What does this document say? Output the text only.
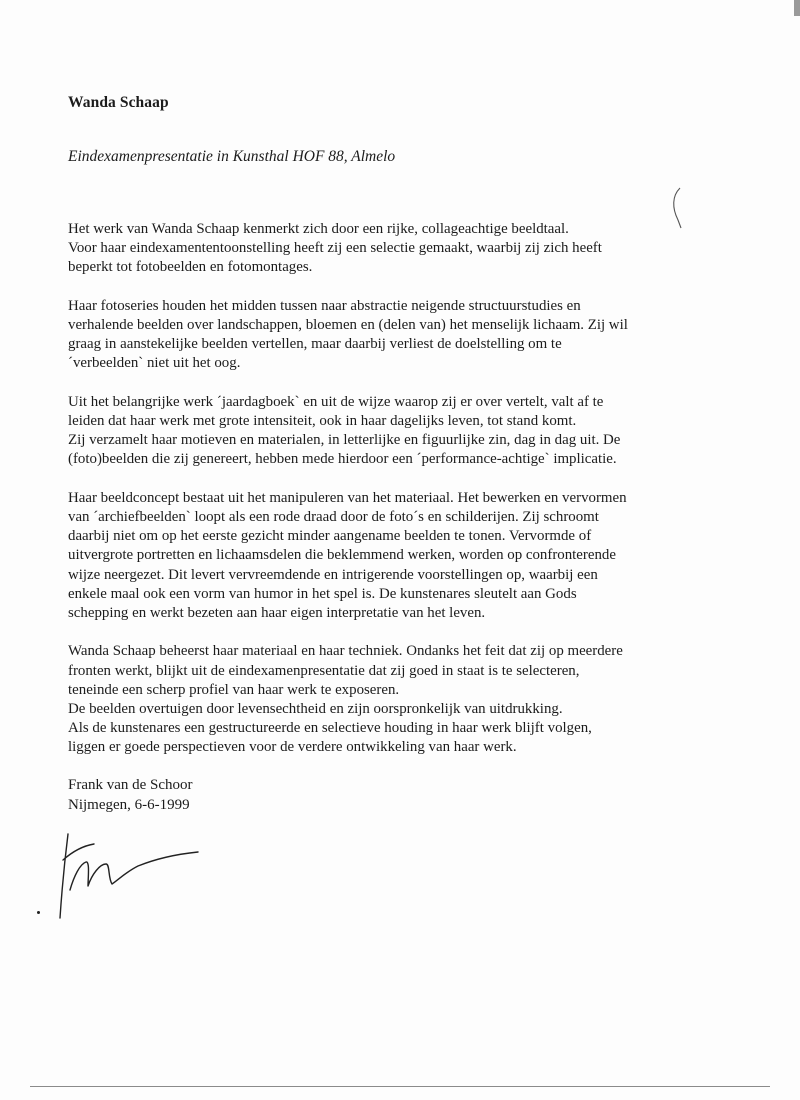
Wanda Schaap
Eindexamenpresentatie in Kunsthal HOF 88, Almelo
Het werk van Wanda Schaap kenmerkt zich door een rijke, collageachtige beeldtaal.
Voor haar eindexamententoonstelling heeft zij een selectie gemaakt, waarbij zij zich heeft
beperkt tot fotobeelden en fotomontages.
Haar fotoseries houden het midden tussen naar abstractie neigende structuurstudies en
verhalende beelden over landschappen, bloemen en (delen van) het menselijk lichaam. Zij wil
graag in aanstekelijke beelden vertellen, maar daarbij verliest de doelstelling om te
´verbeelden` niet uit het oog.
Uit het belangrijke werk ´jaardagboek` en uit de wijze waarop zij er over vertelt, valt af te
leiden dat haar werk met grote intensiteit, ook in haar dagelijks leven, tot stand komt.
Zij verzamelt haar motieven en materialen, in letterlijke en figuurlijke zin, dag in dag uit. De
(foto)beelden die zij genereert, hebben mede hierdoor een ´performance-achtige` implicatie.
Haar beeldconcept bestaat uit het manipuleren van het materiaal. Het bewerken en vervormen
van ´archiefbeelden` loopt als een rode draad door de foto´s en schilderijen. Zij schroomt
daarbij niet om op het eerste gezicht minder aangename beelden te tonen. Vervormde of
uitvergrote portretten en lichaamsdelen die beklemmend werken, worden op confronterende
wijze neergezet. Dit levert vervreemdende en intrigerende voorstellingen op, waarbij een
enkele maal ook een vorm van humor in het spel is. De kunstenares sleutelt aan Gods
schepping en werkt bezeten aan haar eigen interpretatie van het leven.
Wanda Schaap beheerst haar materiaal en haar techniek. Ondanks het feit dat zij op meerdere
fronten werkt, blijkt uit de eindexamenpresentatie dat zij goed in staat is te selecteren,
teneinde een scherp profiel van haar werk te exposeren.
De beelden overtuigen door levensechtheid en zijn oorspronkelijk van uitdrukking.
Als de kunstenares een gestructureerde en selectieve houding in haar werk blijft volgen,
liggen er goede perspectieven voor de verdere ontwikkeling van haar werk.
Frank van de Schoor
Nijmegen, 6-6-1999
